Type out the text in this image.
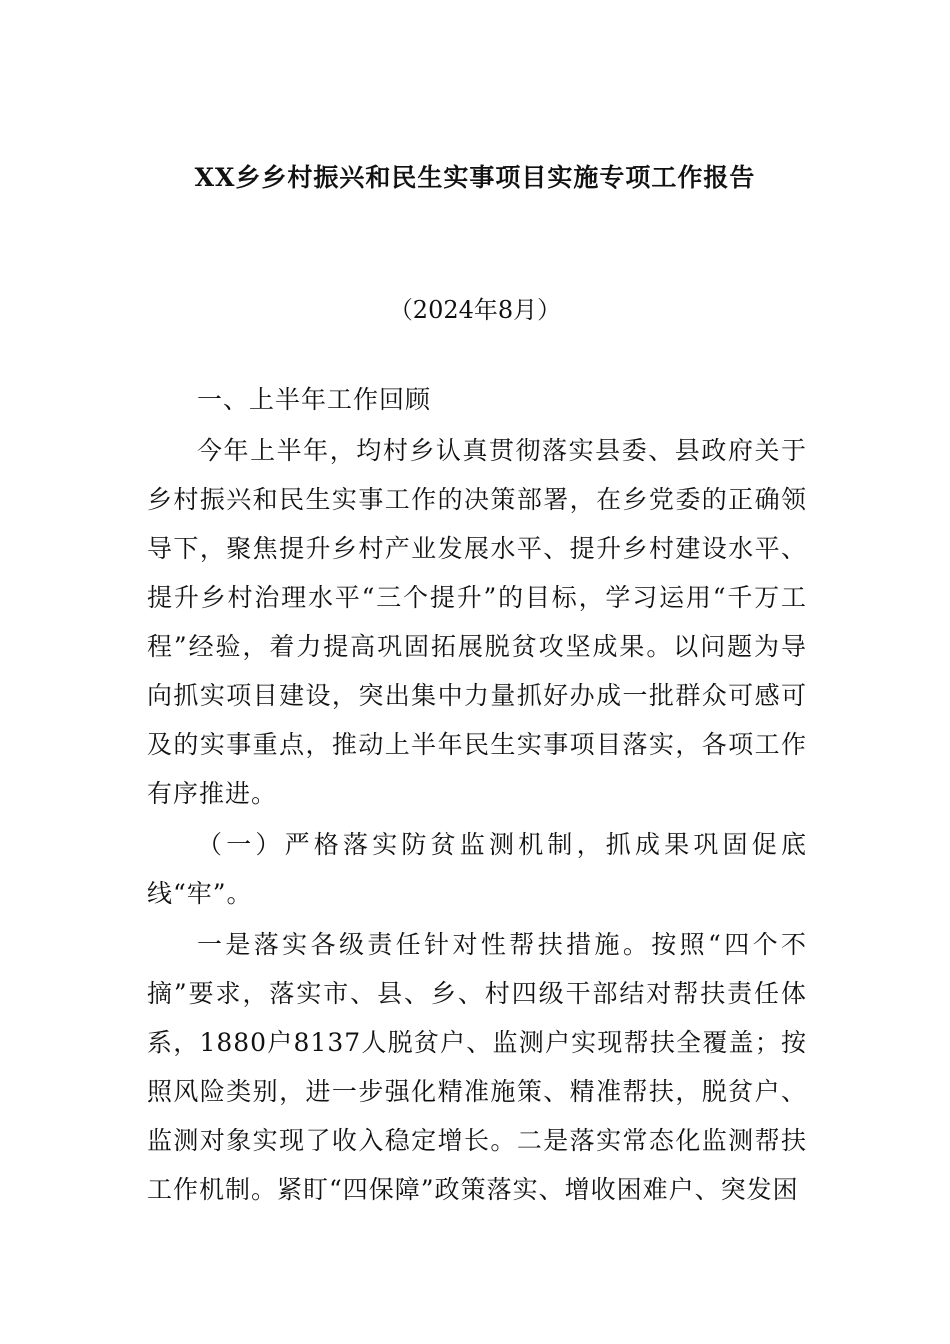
XX乡乡村振兴和民生实事项目实施专项工作报告
（2024年8月）

一、上半年工作回顾

今年上半年，均村乡认真贯彻落实县委、县政府关于乡村振兴和民生实事工作的决策部署，在乡党委的正确领导下，聚焦提升乡村产业发展水平、提升乡村建设水平、提升乡村治理水平“三个提升”的目标，学习运用“千万工程”经验，着力提高巩固拓展脱贫攻坚成果。以问题为导向抓实项目建设，突出集中力量抓好办成一批群众可感可及的实事重点，推动上半年民生实事项目落实，各项工作有序推进。

（一）严格落实防贫监测机制，抓成果巩固促底线“牢”。

一是落实各级责任针对性帮扶措施。按照“四个不摘”要求，落实市、县、乡、村四级干部结对帮扶责任体系，1880户8137人脱贫户、监测户实现帮扶全覆盖；按照风险类别，进一步强化精准施策、精准帮扶，脱贫户、监测对象实现了收入稳定增长。二是落实常态化监测帮扶工作机制。紧盯“四保障”政策落实、增收困难户、突发困
